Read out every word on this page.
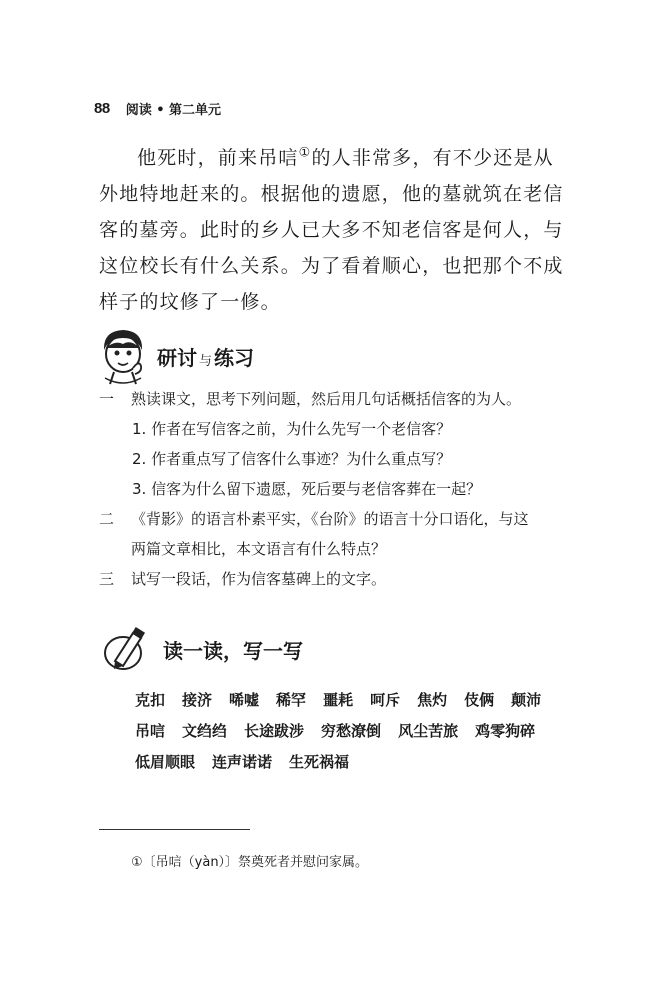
88 阅读 • 第二单元

他死时，前来吊唁①的人非常多，有不少还是从外地特地赶来的。根据他的遗愿，他的墓就筑在老信客的墓旁。此时的乡人已大多不知老信客是何人，与这位校长有什么关系。为了看着顺心，也把那个不成样子的坟修了一修。

研讨 与 练习
一	熟读课文，思考下列问题，然后用几句话概括信客的为人。
1. 作者在写信客之前，为什么先写一个老信客？
2. 作者重点写了信客什么事迹？为什么重点写？
3. 信客为什么留下遗愿，死后要与老信客葬在一起？
二	《背影》的语言朴素平实，《台阶》的语言十分口语化，与这
两篇文章相比，本文语言有什么特点？
三	试写一段话，作为信客墓碑上的文字。
读一读，写一写
克扣 接济 唏嘘 稀罕 噩耗 呵斥 焦灼 伎俩 颠沛
吊唁 文绉绉 长途跋涉 穷愁潦倒 风尘苦旅 鸡零狗碎
低眉顺眼 连声诺诺 生死祸福
①〔吊唁（yàn）〕祭奠死者并慰问家属。
